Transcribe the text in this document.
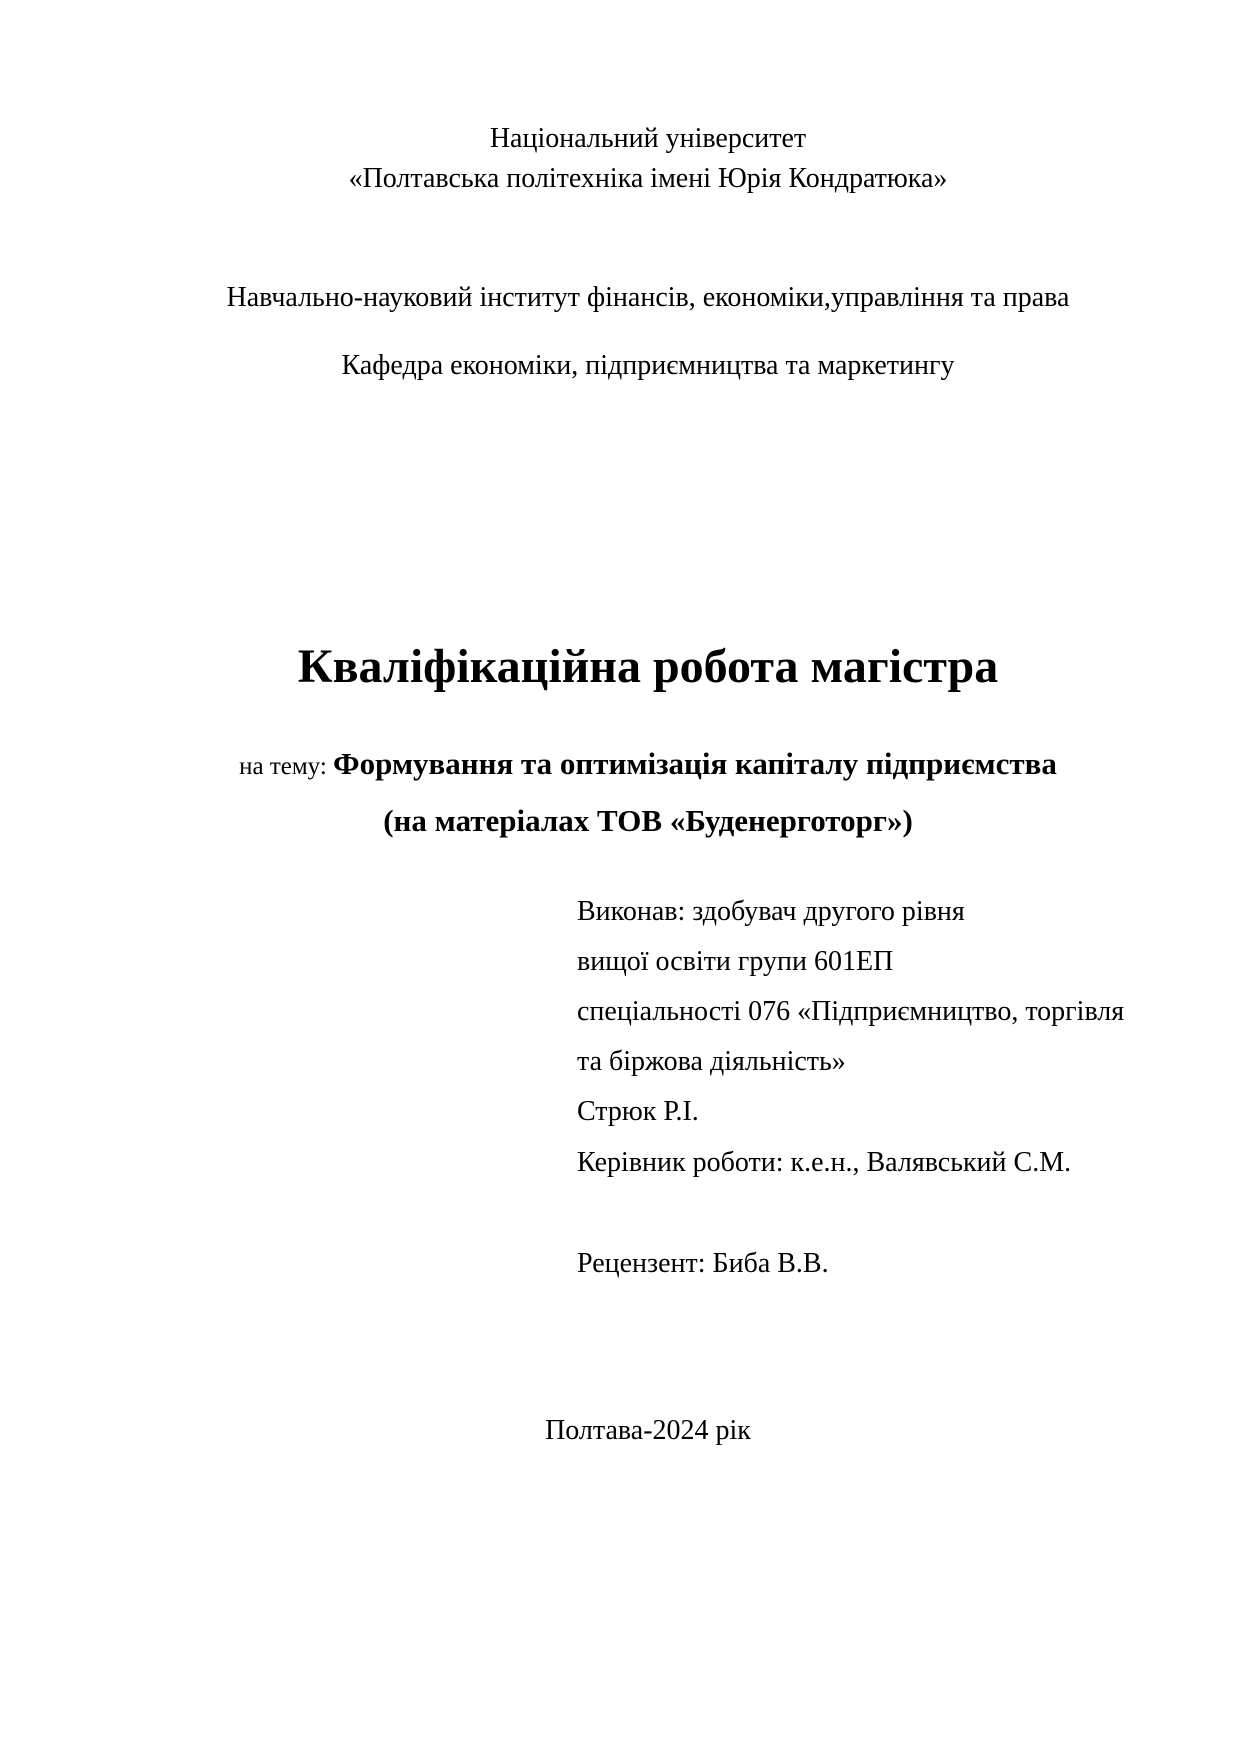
Національний університет
«Полтавська політехніка імені Юрія Кондратюка»
Навчально-науковий інститут фінансів, економіки,управління та права
Кафедра економіки, підприємництва та маркетингу
Кваліфікаційна робота магістра
на тему: Формування та оптимізація капіталу підприємства
(на матеріалах ТОВ «Буденерготорг»)
Виконав: здобувач другого рівня
вищої освіти групи 601ЕП
спеціальності 076 «Підприємництво, торгівля
та біржова діяльність»
Стрюк Р.І.
Керівник роботи: к.е.н., Валявський С.М.
Рецензент: Биба В.В.
Полтава-2024 рік
